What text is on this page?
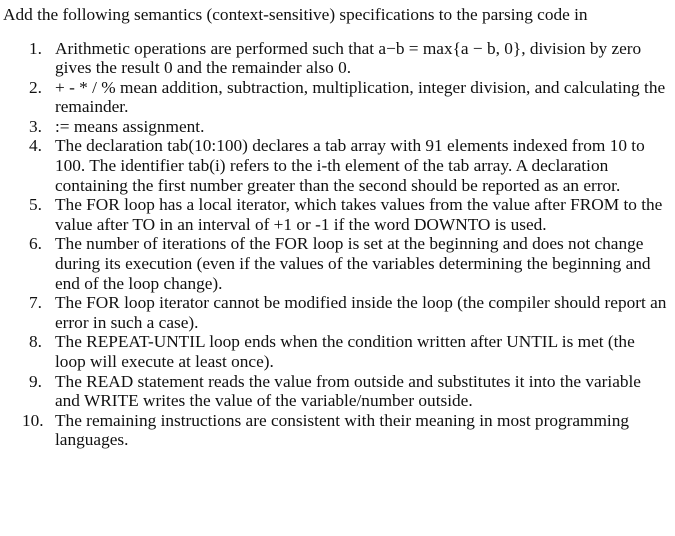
Add the following semantics (context-sensitive) specifications to the parsing code in

1. Arithmetic operations are performed such that a−b = max{a − b, 0}, division by zero gives the result 0 and the remainder also 0.
2. + - * / % mean addition, subtraction, multiplication, integer division, and calculating the remainder.
3. := means assignment.
4. The declaration tab(10:100) declares a tab array with 91 elements indexed from 10 to 100. The identifier tab(i) refers to the i-th element of the tab array. A declaration containing the first number greater than the second should be reported as an error.
5. The FOR loop has a local iterator, which takes values from the value after FROM to the value after TO in an interval of +1 or -1 if the word DOWNTO is used.
6. The number of iterations of the FOR loop is set at the beginning and does not change during its execution (even if the values of the variables determining the beginning and end of the loop change).
7. The FOR loop iterator cannot be modified inside the loop (the compiler should report an error in such a case).
8. The REPEAT-UNTIL loop ends when the condition written after UNTIL is met (the loop will execute at least once).
9. The READ statement reads the value from outside and substitutes it into the variable and WRITE writes the value of the variable/number outside.
10. The remaining instructions are consistent with their meaning in most programming languages.
